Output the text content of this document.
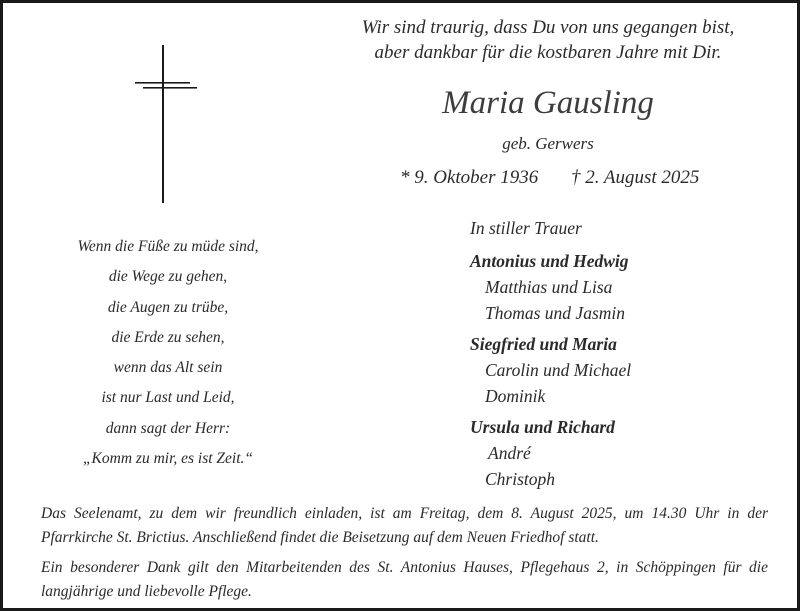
Wir sind traurig, dass Du von uns gegangen bist,
aber dankbar für die kostbaren Jahre mit Dir.
Maria Gausling
geb. Gerwers
* 9. Oktober 1936 † 2. August 2025
Wenn die Füße zu müde sind,
die Wege zu gehen,
die Augen zu trübe,
die Erde zu sehen,
wenn das Alt sein
ist nur Last und Leid,
dann sagt der Herr:
„Komm zu mir, es ist Zeit.“
In stiller Trauer
Antonius und Hedwig
Matthias und Lisa
Thomas und Jasmin
Siegfried und Maria
Carolin und Michael
Dominik
Ursula und Richard
André
Christoph

Das Seelenamt, zu dem wir freundlich einladen, ist am Freitag, dem 8. August 2025, um 14.30 Uhr in der Pfarrkirche St. Brictius. Anschließend findet die Beisetzung auf dem Neuen Friedhof statt.

Ein besonderer Dank gilt den Mitarbeitenden des St. Antonius Hauses, Pflegehaus 2, in Schöppingen für die langjährige und liebevolle Pflege.
